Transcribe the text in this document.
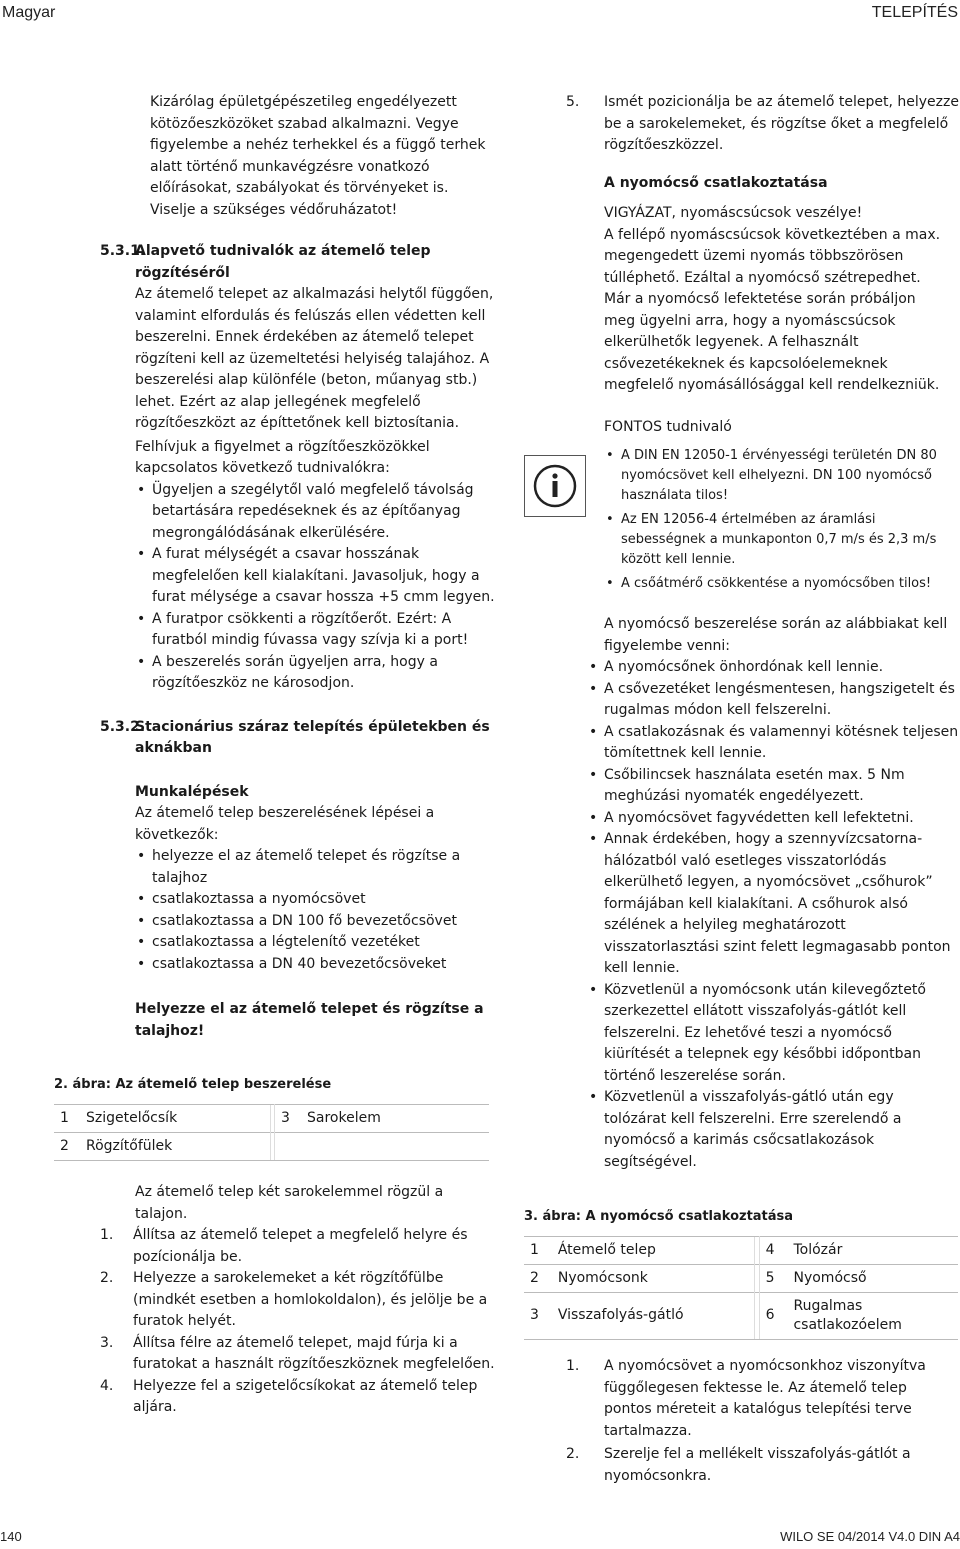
Magyar	TELEPÍTÉS

Kizárólag épületgépészetileg engedélyezett kötözőeszközöket szabad alkalmazni. Vegye figyelembe a nehéz terhekkel és a függő terhek alatt történő munkavégzésre vonatkozó előírásokat, szabályokat és törvényeket is. Viselje a szükséges védőruházatot!

5.3.1.
Alapvető tudnivalók az átemelő telep rögzítéséről

Az átemelő telepet az alkalmazási helytől függően, valamint elfordulás és felúszás ellen védetten kell beszerelni. Ennek érdekében az átemelő telepet rögzíteni kell az üzemeltetési helyiség talajához. A beszerelési alap különféle (beton, műanyag stb.) lehet. Ezért az alap jellegének megfelelő rögzítőeszközt az építtetőnek kell biztosítania.

Felhívjuk a figyelmet a rögzítőeszközökkel kapcsolatos következő tudnivalókra:

• Ügyeljen a szegélytől való megfelelő távolság betartására repedéseknek és az építőanyag megrongálódásának elkerülésére.
• A furat mélységét a csavar hosszának megfelelően kell kialakítani. Javasoljuk, hogy a furat mélysége a csavar hossza +5 cmm legyen.
• A furatpor csökkenti a rögzítőerőt. Ezért: A furatból mindig fúvassa vagy szívja ki a port!
• A beszerelés során ügyeljen arra, hogy a rögzítőeszköz ne károsodjon.
5.3.2.
Stacionárius száraz telepítés épületekben és aknákban

Munkalépések

Az átemelő telep beszerelésének lépései a következők:

• helyezze el az átemelő telepet és rögzítse a talajhoz
• csatlakoztassa a nyomócsövet
• csatlakoztassa a DN 100 fő bevezetőcsövet
• csatlakoztassa a légtelenítő vezetéket
• csatlakoztassa a DN 40 bevezetőcsöveket

Helyezze el az átemelő telepet és rögzítse a talajhoz!

2. ábra: Az átemelő telep beszerelése
1	Szigetelőcsík		3	Sarokelem
2	Rögzítőfülek			

Az átemelő telep két sarokelemmel rögzül a talajon.

1. Állítsa az átemelő telepet a megfelelő helyre és pozícionálja be.
2. Helyezze a sarokelemeket a két rögzítőfülbe (mindkét esetben a homlokoldalon), és jelölje be a furatok helyét.
3. Állítsa félre az átemelő telepet, majd fúrja ki a furatokat a használt rögzítőeszköznek megfelelően.
4. Helyezze fel a szigetelőcsíkokat az átemelő telep aljára.
5. Ismét pozicionálja be az átemelő telepet, helyezze be a sarokelemeket, és rögzítse őket a megfelelő rögzítőeszközzel.

A nyomócső csatlakoztatása

VIGYÁZAT, nyomáscsúcsok veszélye!

A fellépő nyomáscsúcsok következtében a max. megengedett üzemi nyomás többszörösen túlléphető. Ezáltal a nyomócső szétrepedhet. Már a nyomócső lefektetése során próbáljon meg ügyelni arra, hogy a nyomáscsúcsok elkerülhetők legyenek. A felhasznált csővezetékeknek és kapcsolóelemeknek megfelelő nyomásállósággal kell rendelkezniük.

FONTOS tudnivaló

• A DIN EN 12050-1 érvényességi területén DN 80 nyomócsövet kell elhelyezni. DN 100 nyomócső használata tilos!
• Az EN 12056-4 értelmében az áramlási sebességnek a munkaponton 0,7 m/s és 2,3 m/s között kell lennie.
• A csőátmérő csökkentése a nyomócsőben tilos!

A nyomócső beszerelése során az alábbiakat kell figyelembe venni:

• A nyomócsőnek önhordónak kell lennie.
• A csővezetéket lengésmentesen, hangszigetelt és rugalmas módon kell felszerelni.
• A csatlakozásnak és valamennyi kötésnek teljesen tömítettnek kell lennie.
• Csőbilincsek használata esetén max. 5 Nm meghúzási nyomaték engedélyezett.
• A nyomócsövet fagyvédetten kell lefektetni.
• Annak érdekében, hogy a szennyvízcsatorna-hálózatból való esetleges visszatorlódás elkerülhető legyen, a nyomócsövet „csőhurok” formájában kell kialakítani. A csőhurok alsó szélének a helyileg meghatározott visszatorlasztási szint felett legmagasabb ponton kell lennie.
• Közvetlenül a nyomócsonk után kilevegőztető szerkezettel ellátott visszafolyás-gátlót kell felszerelni. Ez lehetővé teszi a nyomócső kiürítését a telepnek egy későbbi időpontban történő leszerelése során.
• Közvetlenül a visszafolyás-gátló után egy tolózárat kell felszerelni. Erre szerelendő a nyomócső a karimás csőcsatlakozások segítségével.
3. ábra: A nyomócső csatlakoztatása
1	Átemelő telep		4	Tolózár
2	Nyomócsonk		5	Nyomócső
3	Visszafolyás-gátló		6	Rugalmas csatlakozóelem
1. A nyomócsövet a nyomócsonkhoz viszonyítva függőlegesen fektesse le. Az átemelő telep pontos méreteit a katalógus telepítési terve tartalmazza.
2. Szerelje fel a mellékelt visszafolyás-gátlót a nyomócsonkra.
140	WILO SE 04/2014 V4.0 DIN A4
